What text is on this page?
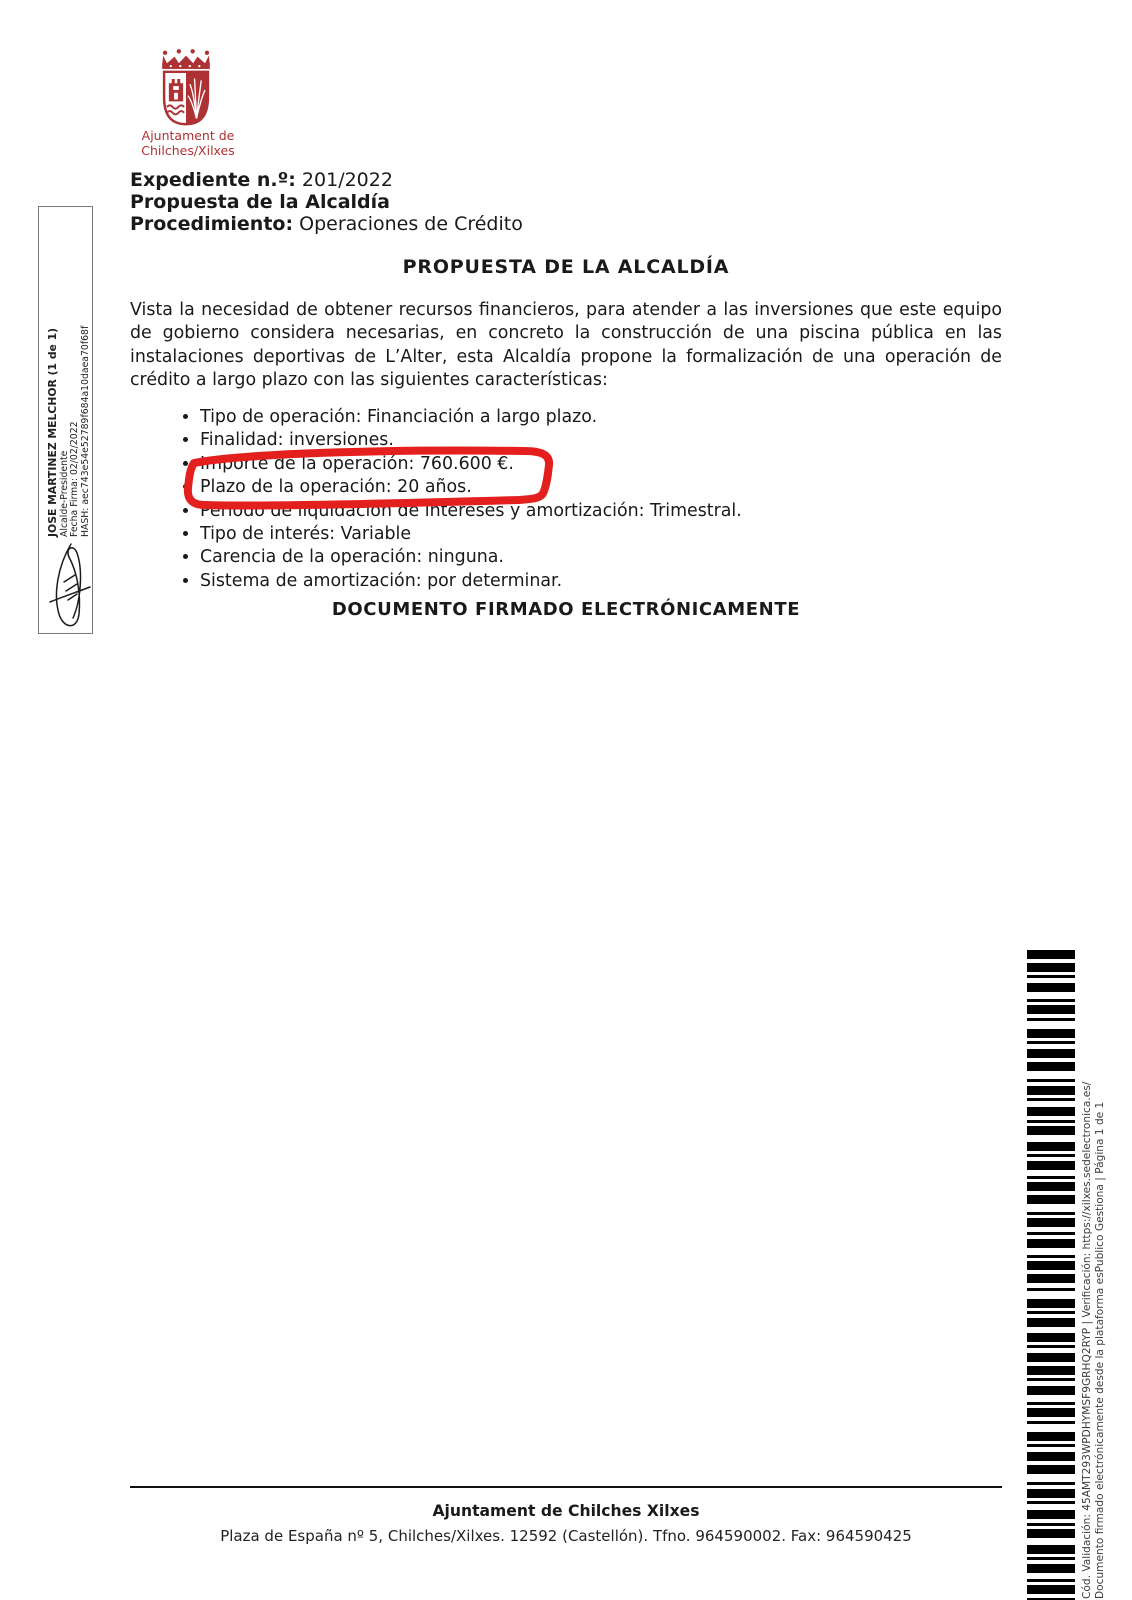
Ajuntament de
Chilches/Xilxes
Expediente n.º: 201/2022
Propuesta de la Alcaldía
Procedimiento: Operaciones de Crédito
PROPUESTA DE LA ALCALDÍA
Vista la necesidad de obtener recursos financieros, para atender a las inversiones que este equipo de gobierno considera necesarias, en concreto la construcción de una piscina pública en las instalaciones deportivas de L’Alter, esta Alcaldía propone la formalización de una operación de crédito a largo plazo con las siguientes características:
• Tipo de operación: Financiación a largo plazo.
• Finalidad: inversiones.
• Importe de la operación: 760.600 €.
• Plazo de la operación: 20 años.
• Periodo de liquidación de intereses y amortización: Trimestral.
• Tipo de interés: Variable
• Carencia de la operación: ninguna.
• Sistema de amortización: por determinar.
DOCUMENTO FIRMADO ELECTRÓNICAMENTE
JOSE MARTINEZ MELCHOR (1 de 1) Alcalde-Presidente Fecha Firma: 02/02/2022 HASH: aec743e54e52789f684a10daea70f68f
Cód. Validación: 45AMT293WPDHYMSF9GRHQ2RYP | Verificación: https://xilxes.sedelectronica.es/ Documento firmado electrónicamente desde la plataforma esPublico Gestiona | Página 1 de 1
Ajuntament de Chilches Xilxes
Plaza de España nº 5, Chilches/Xilxes. 12592 (Castellón). Tfno. 964590002. Fax: 964590425
